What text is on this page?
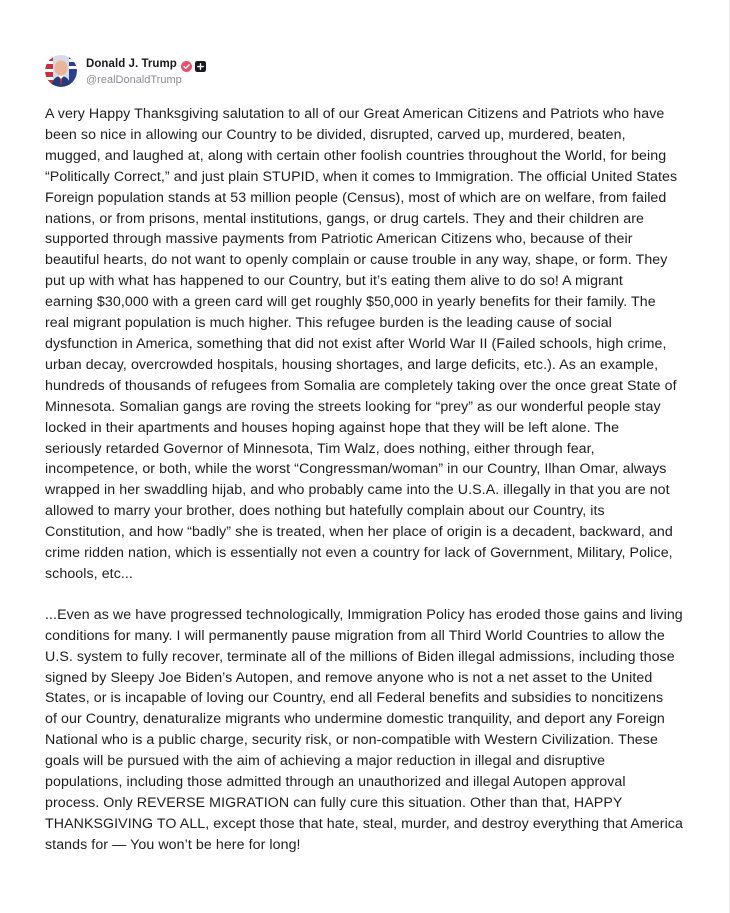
Donald J. Trump
@realDonaldTrump

A very Happy Thanksgiving salutation to all of our Great American Citizens and Patriots who have
been so nice in allowing our Country to be divided, disrupted, carved up, murdered, beaten,
mugged, and laughed at, along with certain other foolish countries throughout the World, for being
“Politically Correct,” and just plain STUPID, when it comes to Immigration. The official United States
Foreign population stands at 53 million people (Census), most of which are on welfare, from failed
nations, or from prisons, mental institutions, gangs, or drug cartels. They and their children are
supported through massive payments from Patriotic American Citizens who, because of their
beautiful hearts, do not want to openly complain or cause trouble in any way, shape, or form. They
put up with what has happened to our Country, but it’s eating them alive to do so! A migrant
earning $30,000 with a green card will get roughly $50,000 in yearly benefits for their family. The
real migrant population is much higher. This refugee burden is the leading cause of social
dysfunction in America, something that did not exist after World War II (Failed schools, high crime,
urban decay, overcrowded hospitals, housing shortages, and large deficits, etc.). As an example,
hundreds of thousands of refugees from Somalia are completely taking over the once great State of
Minnesota. Somalian gangs are roving the streets looking for “prey” as our wonderful people stay
locked in their apartments and houses hoping against hope that they will be left alone. The
seriously retarded Governor of Minnesota, Tim Walz, does nothing, either through fear,
incompetence, or both, while the worst “Congressman/woman” in our Country, Ilhan Omar, always
wrapped in her swaddling hijab, and who probably came into the U.S.A. illegally in that you are not
allowed to marry your brother, does nothing but hatefully complain about our Country, its
Constitution, and how “badly” she is treated, when her place of origin is a decadent, backward, and
crime ridden nation, which is essentially not even a country for lack of Government, Military, Police,
schools, etc...

...Even as we have progressed technologically, Immigration Policy has eroded those gains and living
conditions for many. I will permanently pause migration from all Third World Countries to allow the
U.S. system to fully recover, terminate all of the millions of Biden illegal admissions, including those
signed by Sleepy Joe Biden’s Autopen, and remove anyone who is not a net asset to the United
States, or is incapable of loving our Country, end all Federal benefits and subsidies to noncitizens
of our Country, denaturalize migrants who undermine domestic tranquility, and deport any Foreign
National who is a public charge, security risk, or non-compatible with Western Civilization. These
goals will be pursued with the aim of achieving a major reduction in illegal and disruptive
populations, including those admitted through an unauthorized and illegal Autopen approval
process. Only REVERSE MIGRATION can fully cure this situation. Other than that, HAPPY
THANKSGIVING TO ALL, except those that hate, steal, murder, and destroy everything that America
stands for — You won’t be here for long!
